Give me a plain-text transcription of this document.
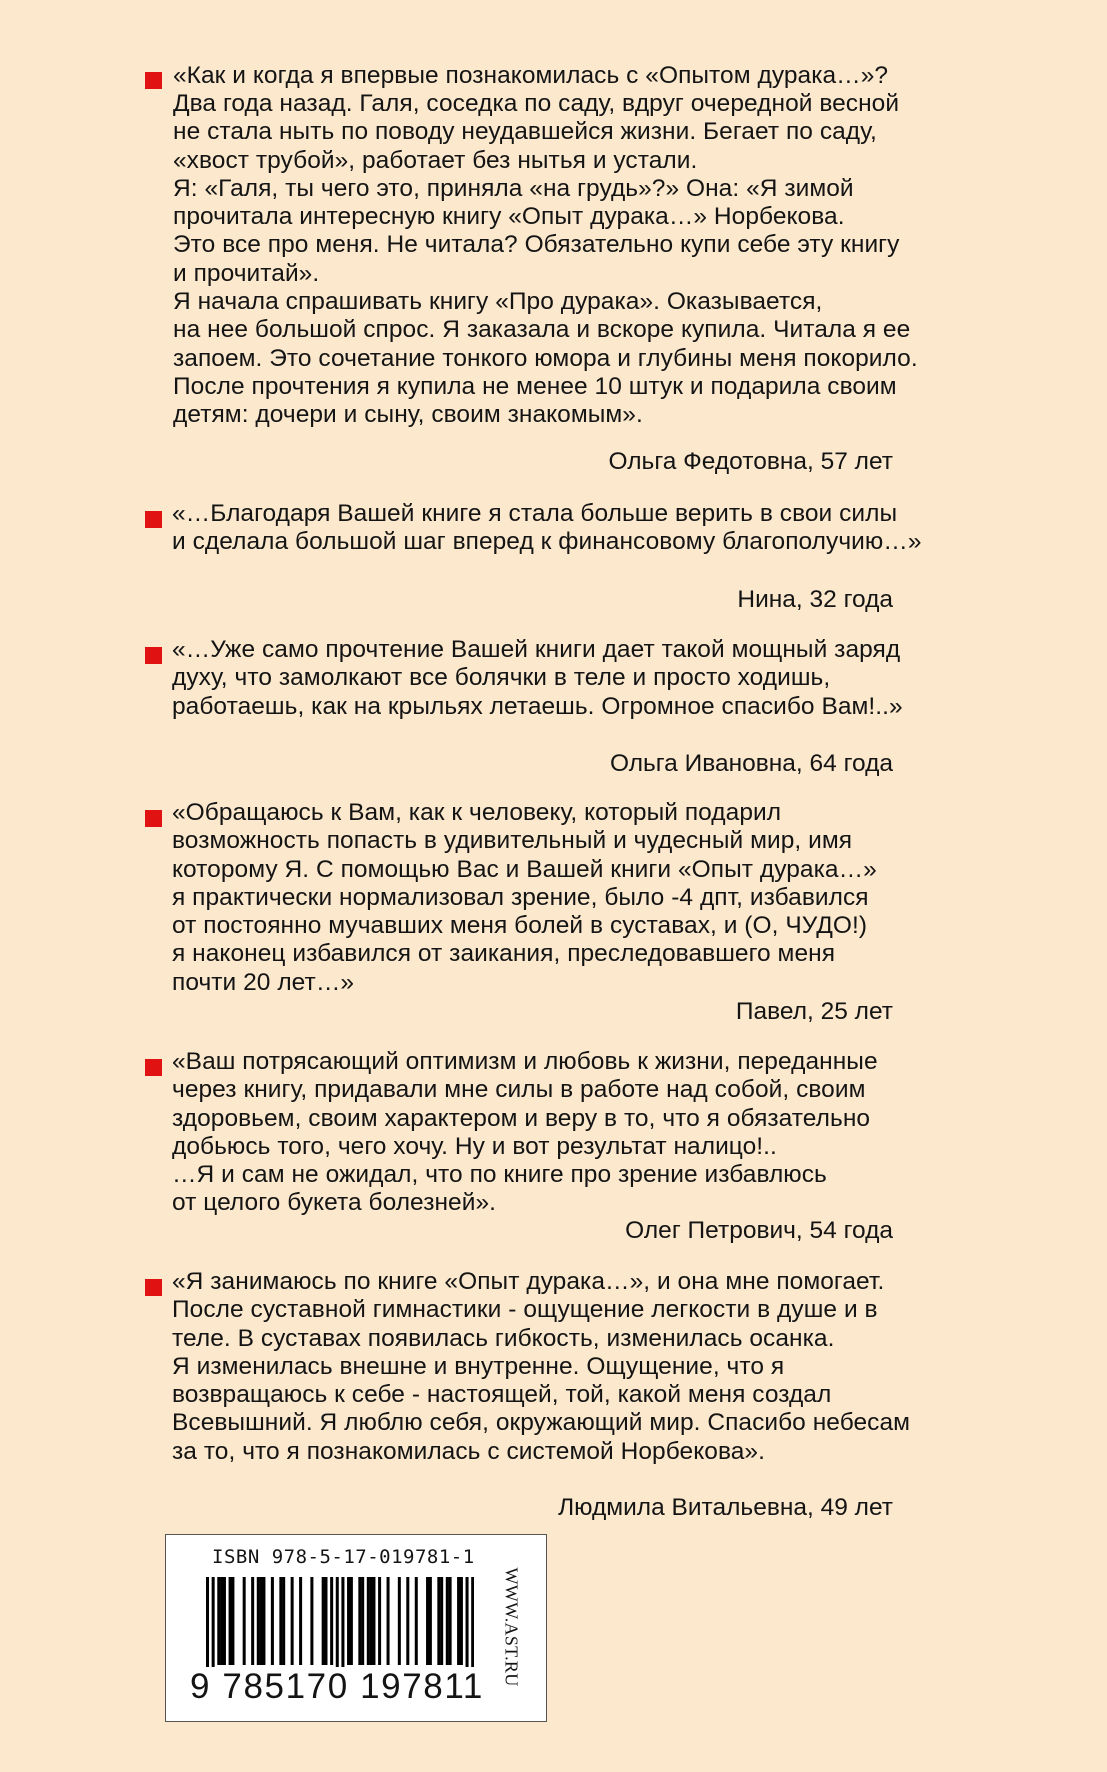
«Как и когда я впервые познакомилась с «Опытом дурака…»?
Два года назад. Галя, соседка по саду, вдруг очередной весной
не стала ныть по поводу неудавшейся жизни. Бегает по саду,
«хвост трубой», работает без нытья и устали.
Я: «Галя, ты чего это, приняла «на грудь»?» Она: «Я зимой
прочитала интересную книгу «Опыт дурака…» Норбекова.
Это все про меня. Не читала? Обязательно купи себе эту книгу
и прочитай».
Я начала спрашивать книгу «Про дурака». Оказывается,
на нее большой спрос. Я заказала и вскоре купила. Читала я ее
запоем. Это сочетание тонкого юмора и глубины меня покорило.
После прочтения я купила не менее 10 штук и подарила своим
детям: дочери и сыну, своим знакомым».
Ольга Федотовна, 57 лет
«…Благодаря Вашей книге я стала больше верить в свои силы
и сделала большой шаг вперед к финансовому благополучию…»
Нина, 32 года
«…Уже само прочтение Вашей книги дает такой мощный заряд
духу, что замолкают все болячки в теле и просто ходишь,
работаешь, как на крыльях летаешь. Огромное спасибо Вам!..»
Ольга Ивановна, 64 года
«Обращаюсь к Вам, как к человеку, который подарил
возможность попасть в удивительный и чудесный мир, имя
которому Я. С помощью Вас и Вашей книги «Опыт дурака…»
я практически нормализовал зрение, было -4 дпт, избавился
от постоянно мучавших меня болей в суставах, и (О, ЧУДО!)
я наконец избавился от заикания, преследовавшего меня
почти 20 лет…»
Павел, 25 лет
«Ваш потрясающий оптимизм и любовь к жизни, переданные
через книгу, придавали мне силы в работе над собой, своим
здоровьем, своим характером и веру в то, что я обязательно
добьюсь того, чего хочу. Ну и вот результат налицо!..
…Я и сам не ожидал, что по книге про зрение избавлюсь
от целого букета болезней».
Олег Петрович, 54 года
«Я занимаюсь по книге «Опыт дурака…», и она мне помогает.
После суставной гимнастики - ощущение легкости в душе и в
теле. В суставах появилась гибкость, изменилась осанка.
Я изменилась внешне и внутренне. Ощущение, что я
возвращаюсь к себе - настоящей, той, какой меня создал
Всевышний. Я люблю себя, окружающий мир. Спасибо небесам
за то, что я познакомилась с системой Норбекова».
Людмила Витальевна, 49 лет
ISBN 978-5-17-019781-1
9 785170 197811 WWW.AST.RU
